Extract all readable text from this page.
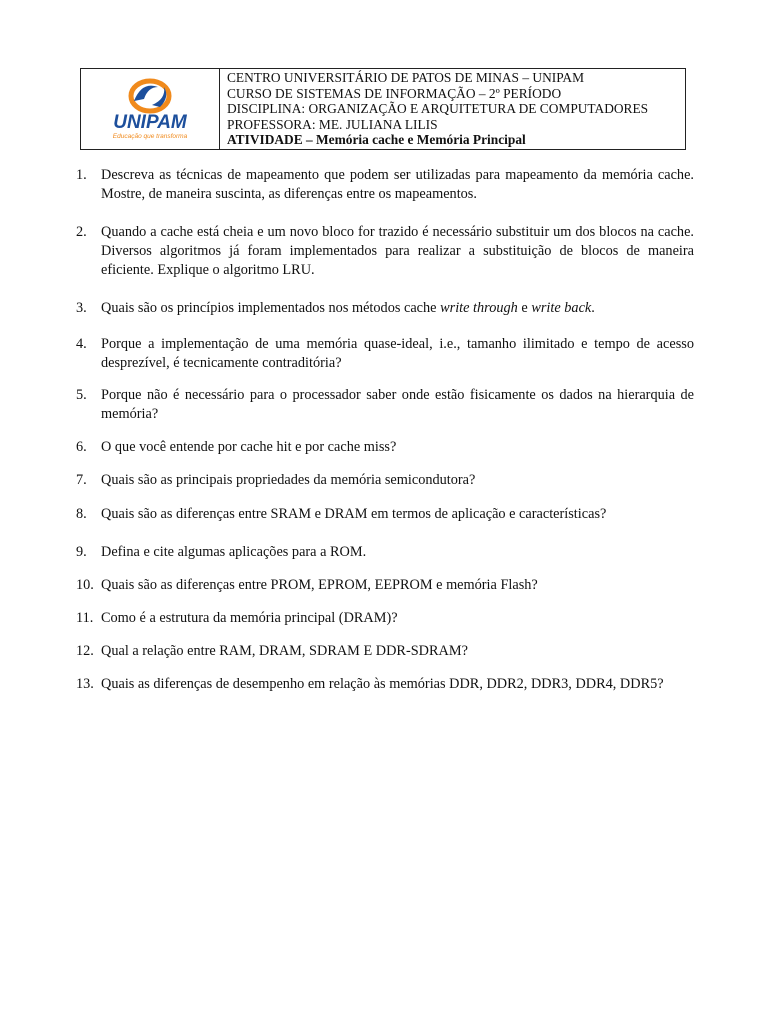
UNIPAM
Educação que transforma
CENTRO UNIVERSITÁRIO DE PATOS DE MINAS – UNIPAM
CURSO DE SISTEMAS DE INFORMAÇÃO – 2º PERÍODO
DISCIPLINA: ORGANIZAÇÃO E ARQUITETURA DE COMPUTADORES
PROFESSORA: ME. JULIANA LILIS
ATIVIDADE – Memória cache e Memória Principal
1. Descreva as técnicas de mapeamento que podem ser utilizadas para mapeamento da memória cache. Mostre, de maneira suscinta, as diferenças entre os mapeamentos.
2. Quando a cache está cheia e um novo bloco for trazido é necessário substituir um dos blocos na cache. Diversos algoritmos já foram implementados para realizar a substituição de blocos de maneira eficiente. Explique o algoritmo LRU.
3. Quais são os princípios implementados nos métodos cache write through e write back.
4. Porque a implementação de uma memória quase-ideal, i.e., tamanho ilimitado e tempo de acesso desprezível, é tecnicamente contraditória?
5. Porque não é necessário para o processador saber onde estão fisicamente os dados na hierarquia de memória?
6. O que você entende por cache hit e por cache miss?
7. Quais são as principais propriedades da memória semicondutora?
8. Quais são as diferenças entre SRAM e DRAM em termos de aplicação e características?
9. Defina e cite algumas aplicações para a ROM.
10. Quais são as diferenças entre PROM, EPROM, EEPROM e memória Flash?
11. Como é a estrutura da memória principal (DRAM)?
12. Qual a relação entre RAM, DRAM, SDRAM E DDR-SDRAM?
13. Quais as diferenças de desempenho em relação às memórias DDR, DDR2, DDR3, DDR4, DDR5?
